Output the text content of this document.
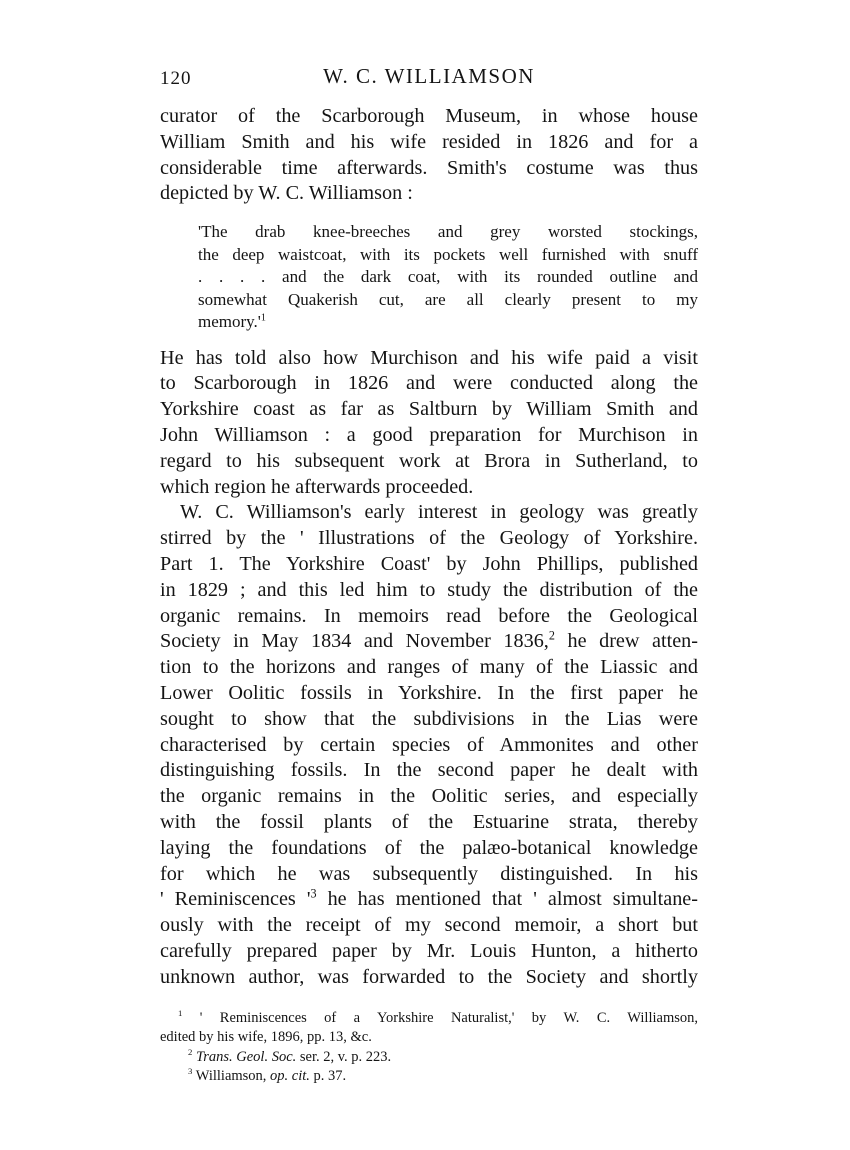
120	W. C. WILLIAMSON
curator of the Scarborough Museum, in whose house
William Smith and his wife resided in 1826 and for a
considerable time afterwards. Smith's costume was thus
depicted by W. C. Williamson :
'The drab knee-breeches and grey worsted stockings,
the deep waistcoat, with its pockets well furnished with snuff
. . . . and the dark coat, with its rounded outline and
somewhat Quakerish cut, are all clearly present to my
$memory.'^1$
He has told also how Murchison and his wife paid a visit
to Scarborough in 1826 and were conducted along the
Yorkshire coast as far as Saltburn by William Smith and
John Williamson : a good preparation for Murchison in
regard to his subsequent work at Brora in Sutherland, to
which region he afterwards proceeded.
W. C. Williamson's early interest in geology was greatly
stirred by the ' Illustrations of the Geology of Yorkshire.
Part 1. The Yorkshire Coast' by John Phillips, published
in 1829 ; and this led him to study the distribution of the
organic remains. In memoirs read before the Geological
Society in May 1834 and November 1836,$^2$ he drew atten-
tion to the horizons and ranges of many of the Liassic and
Lower Oolitic fossils in Yorkshire. In the first paper he
sought to show that the subdivisions in the Lias were
characterised by certain species of Ammonites and other
distinguishing fossils. In the second paper he dealt with
the organic remains in the Oolitic series, and especially
with the fossil plants of the Estuarine strata, thereby
laying the foundations of the palæo-botanical knowledge
for which he was subsequently distinguished. In his
' Reminiscences '$^3$ he has mentioned that ' almost simultane-
ously with the receipt of my second memoir, a short but
carefully prepared paper by Mr. Louis Hunton, a hitherto
unknown author, was forwarded to the Society and shortly
$^1$ ' Reminiscences of a Yorkshire Naturalist,' by W. C. Williamson,
edited by his wife, 1896, pp. 13, &c.
$^2$ Trans. Geol. Soc. ser. 2, v. p. 223.
$^3$ Williamson, op. cit. p. 37.
